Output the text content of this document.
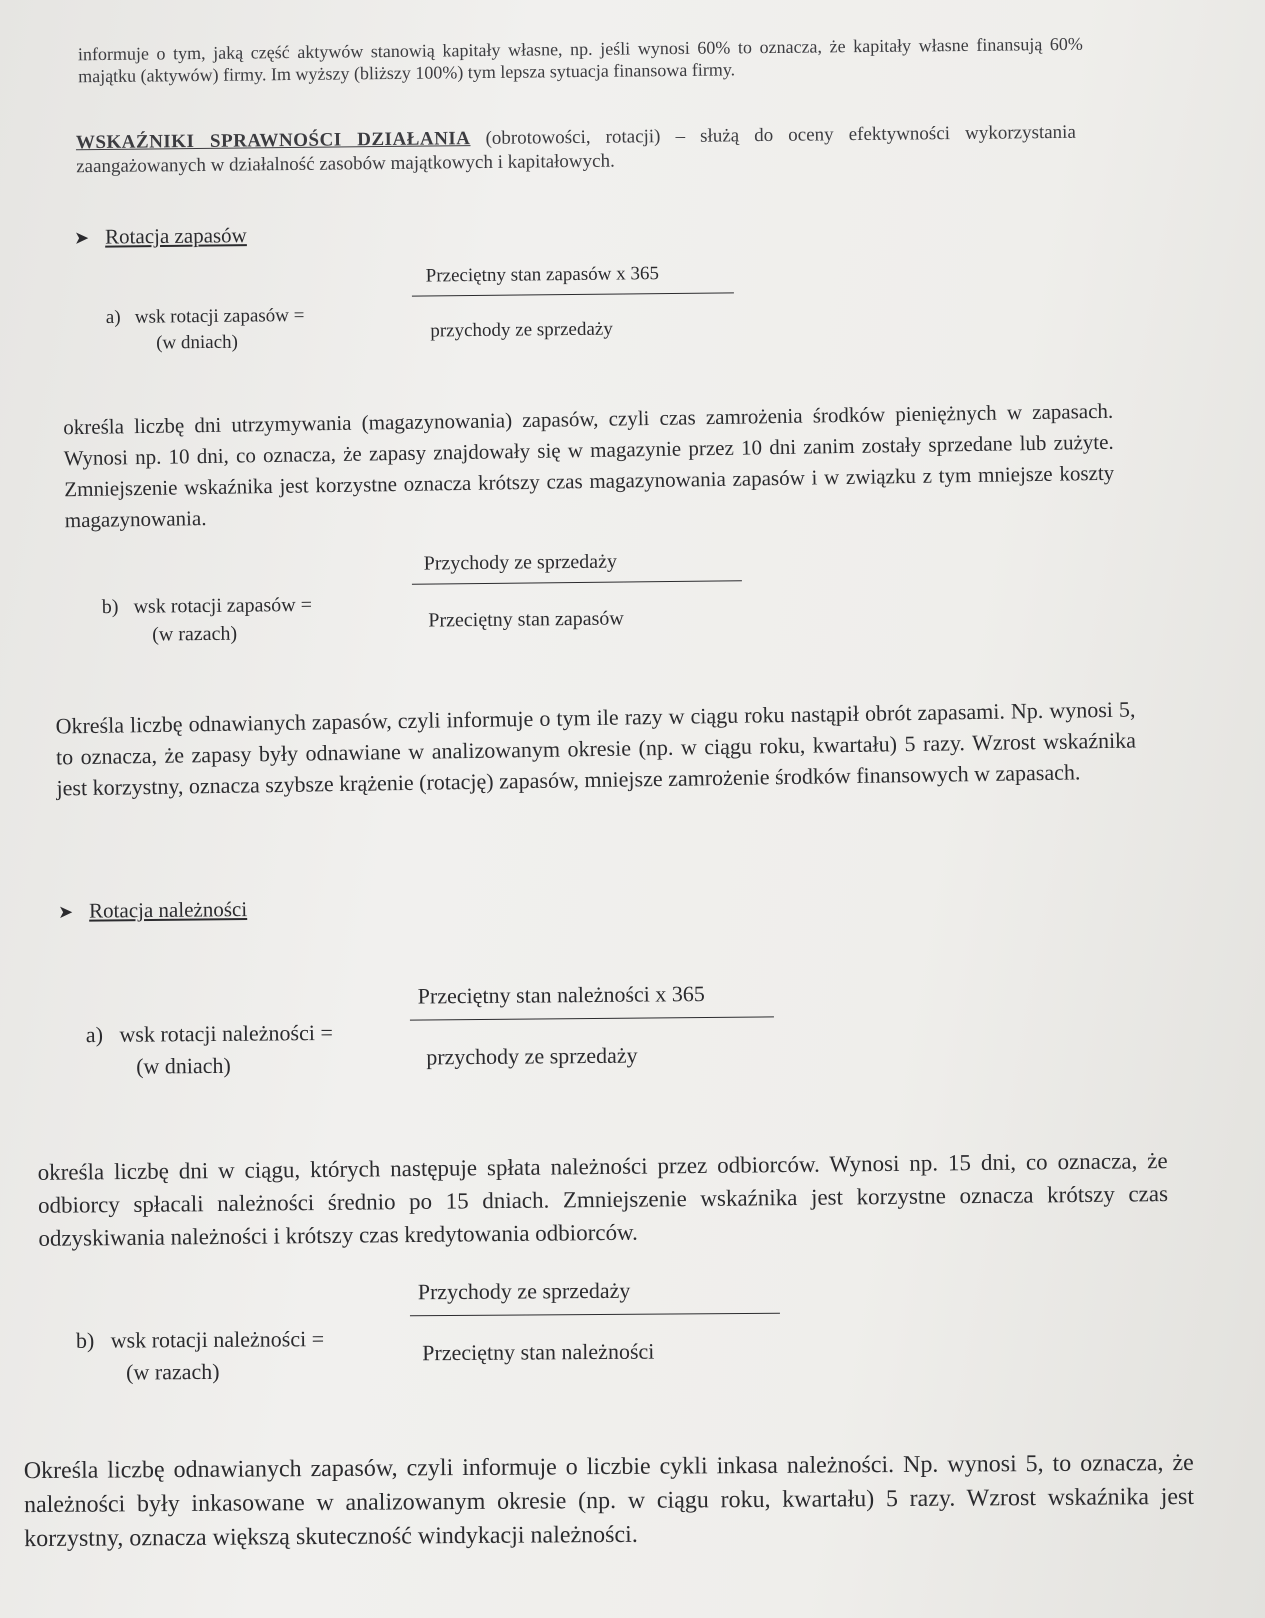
informuje o tym, jaką część aktywów stanowią kapitały własne, np. jeśli wynosi 60% to oznacza, że kapitały własne finansują 60% majątku (aktywów) firmy. Im wyższy (bliższy 100%) tym lepsza sytuacja finansowa firmy.

WSKAŹNIKI SPRAWNOŚCI DZIAŁANIA (obrotowości, rotacji) – służą do oceny efektywności wykorzystania zaangażowanych w działalność zasobów majątkowych i kapitałowych.

➤ Rotacja zapasów
a) wsk rotacji zapasów =
(w dniach)
Przeciętny stan zapasów x 365
przychody ze sprzedaży

określa liczbę dni utrzymywania (magazynowania) zapasów, czyli czas zamrożenia środków pieniężnych w zapasach. Wynosi np. 10 dni, co oznacza, że zapasy znajdowały się w magazynie przez 10 dni zanim zostały sprzedane lub zużyte. Zmniejszenie wskaźnika jest korzystne oznacza krótszy czas magazynowania zapasów i w związku z tym mniejsze koszty magazynowania.

b) wsk rotacji zapasów =
(w razach)
Przychody ze sprzedaży
Przeciętny stan zapasów

Określa liczbę odnawianych zapasów, czyli informuje o tym ile razy w ciągu roku nastąpił obrót zapasami. Np. wynosi 5, to oznacza, że zapasy były odnawiane w analizowanym okresie (np. w ciągu roku, kwartału) 5 razy. Wzrost wskaźnika jest korzystny, oznacza szybsze krążenie (rotację) zapasów, mniejsze zamrożenie środków finansowych w zapasach.

➤ Rotacja należności
a) wsk rotacji należności =
(w dniach)
Przeciętny stan należności x 365
przychody ze sprzedaży

określa liczbę dni w ciągu, których następuje spłata należności przez odbiorców. Wynosi np. 15 dni, co oznacza, że odbiorcy spłacali należności średnio po 15 dniach. Zmniejszenie wskaźnika jest korzystne oznacza krótszy czas odzyskiwania należności i krótszy czas kredytowania odbiorców.

b) wsk rotacji należności =
(w razach)
Przychody ze sprzedaży
Przeciętny stan należności

Określa liczbę odnawianych zapasów, czyli informuje o liczbie cykli inkasa należności. Np. wynosi 5, to oznacza, że należności były inkasowane w analizowanym okresie (np. w ciągu roku, kwartału) 5 razy. Wzrost wskaźnika jest korzystny, oznacza większą skuteczność windykacji należności.
